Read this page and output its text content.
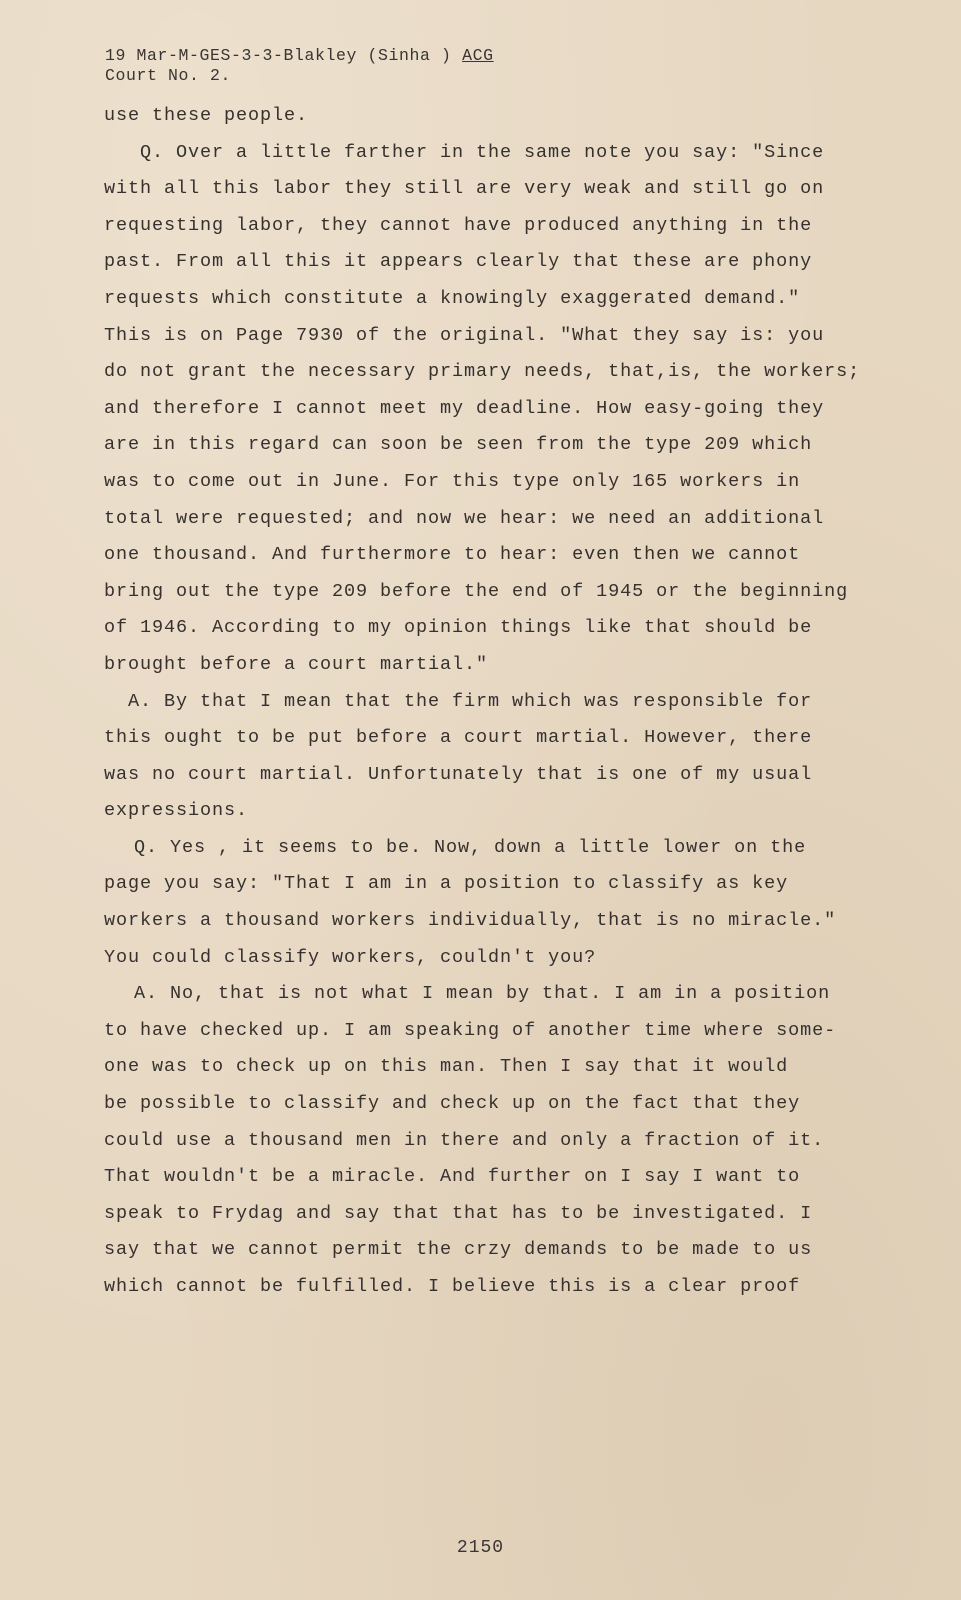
19 Mar-M-GES-3-3-Blakley (Sinha ) ACG
Court No. 2.
use these people.
Q. Over a little farther in the same note you say: "Since
with all this labor they still are very weak and still go on
requesting labor, they cannot have produced anything in the
past. From all this it appears clearly that these are phony
requests which constitute a knowingly exaggerated demand."
This is on Page 7930 of the original. "What they say is: you
do not grant the necessary primary needs, that,is, the workers;
and therefore I cannot meet my deadline. How easy-going they
are in this regard can soon be seen from the type 209 which
was to come out in June. For this type only 165 workers in
total were requested; and now we hear: we need an additional
one thousand. And furthermore to hear: even then we cannot
bring out the type 209 before the end of 1945 or the beginning
of 1946. According to my opinion things like that should be
brought before a court martial."
A. By that I mean that the firm which was responsible for
this ought to be put before a court martial. However, there
was no court martial. Unfortunately that is one of my usual
expressions.
Q. Yes , it seems to be. Now, down a little lower on the
page you say: "That I am in a position to classify as key
workers a thousand workers individually, that is no miracle."
You could classify workers, couldn't you?
A. No, that is not what I mean by that. I am in a position
to have checked up. I am speaking of another time where some-
one was to check up on this man. Then I say that it would
be possible to classify and check up on the fact that they
could use a thousand men in there and only a fraction of it.
That wouldn't be a miracle. And further on I say I want to
speak to Frydag and say that that has to be investigated. I
say that we cannot permit the crzy demands to be made to us
which cannot be fulfilled. I believe this is a clear proof
2150
